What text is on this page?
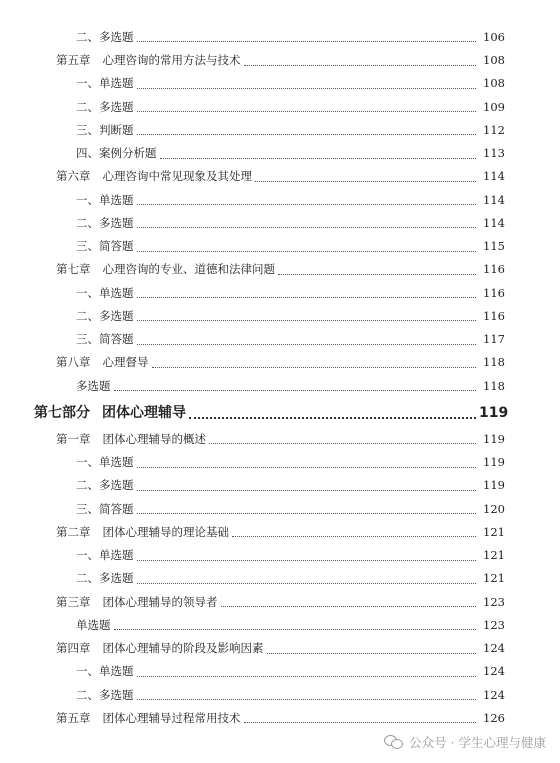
二、多选题	106
第五章 心理咨询的常用方法与技术	108
一、单选题	108
二、多选题	109
三、判断题	112
四、案例分析题	113
第六章 心理咨询中常见现象及其处理	114
一、单选题	114
二、多选题	114
三、简答题	115
第七章 心理咨询的专业、道德和法律问题	116
一、单选题	116
二、多选题	116
三、简答题	117
第八章 心理督导	118
多选题	118
第七部分 团体心理辅导	119
第一章 团体心理辅导的概述	119
一、单选题	119
二、多选题	119
三、简答题	120
第二章 团体心理辅导的理论基础	121
一、单选题	121
二、多选题	121
第三章 团体心理辅导的领导者	123
单选题	123
第四章 团体心理辅导的阶段及影响因素	124
一、单选题	124
二、多选题	124
第五章 团体心理辅导过程常用技术	126
公众号 · 学生心理与健康
